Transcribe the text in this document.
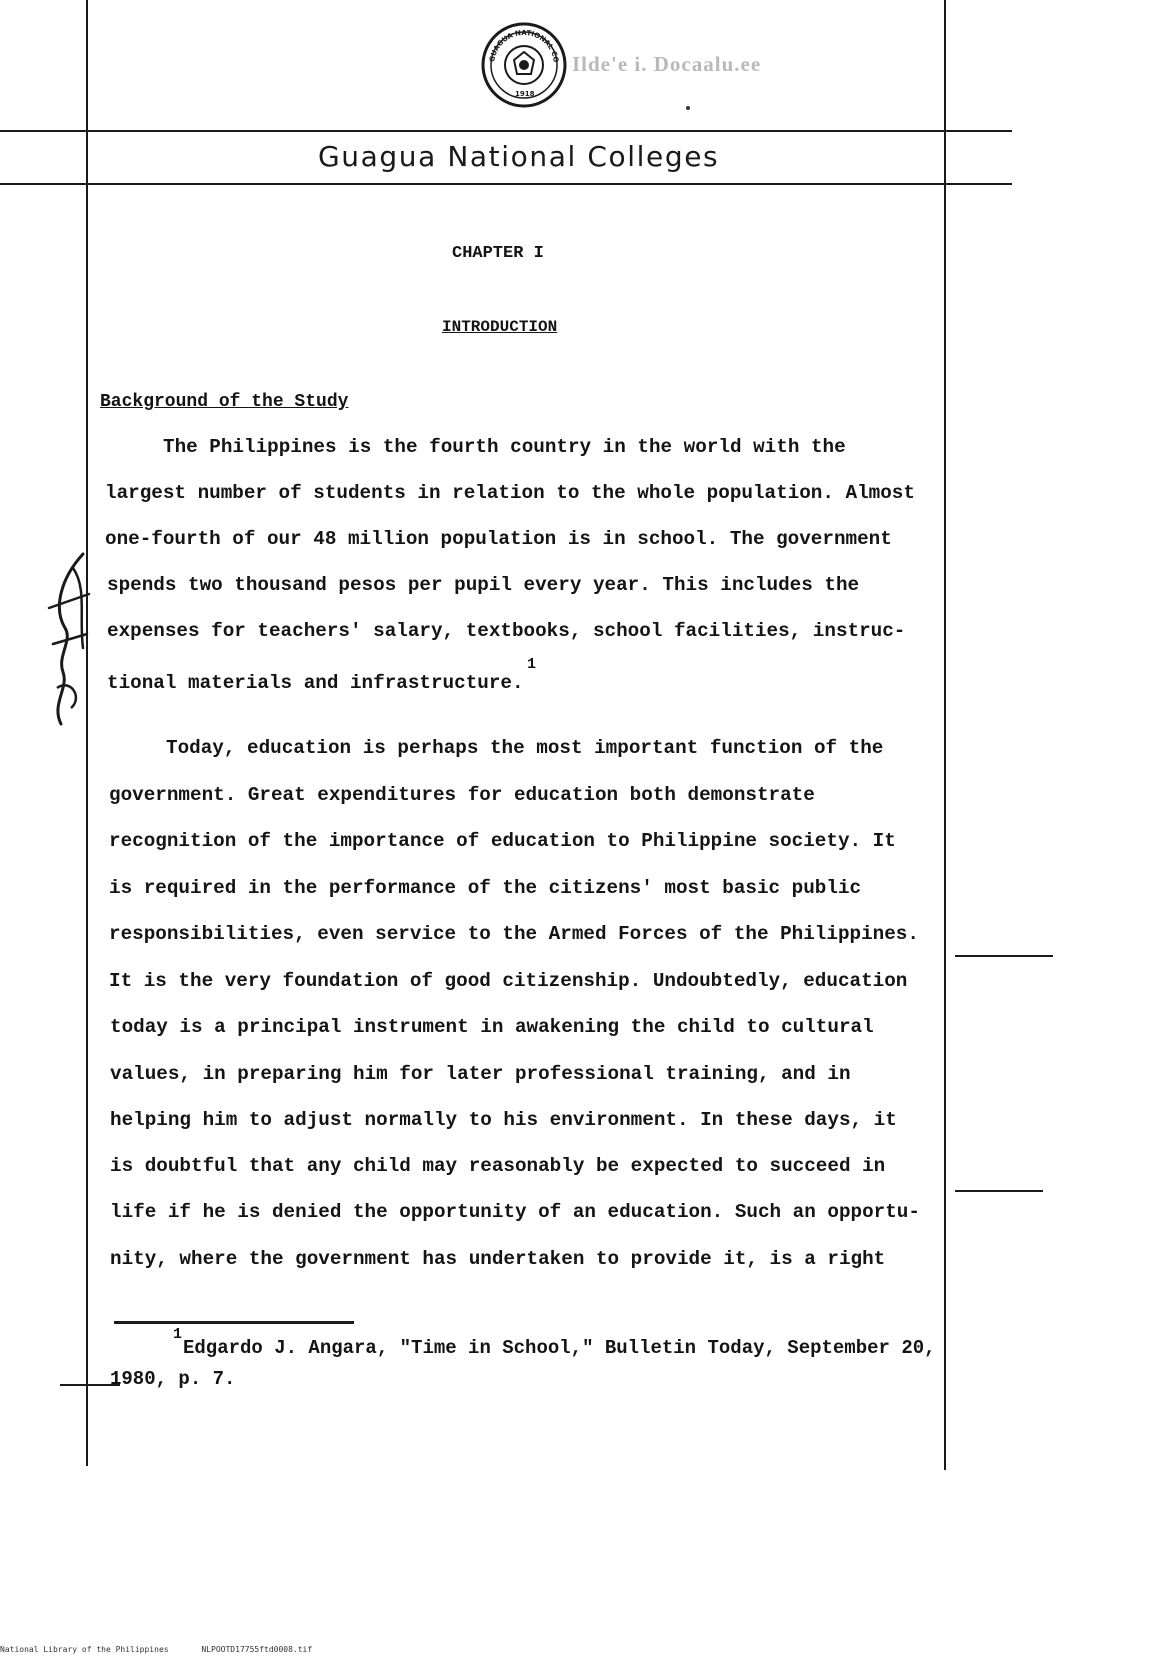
GUAGUA NATIONAL CO
1918
Ilde'e i. Docaalu.ee
Guagua National Colleges
CHAPTER I
INTRODUCTION
Background of the Study
The Philippines is the fourth country in the world with the
largest number of students in relation to the whole population. Almost
one-fourth of our 48 million population is in school. The government
spends two thousand pesos per pupil every year. This includes the
expenses for teachers' salary, textbooks, school facilities, instruc-
tional materials and infrastructure.
1
Today, education is perhaps the most important function of the
government. Great expenditures for education both demonstrate
recognition of the importance of education to Philippine society. It
is required in the performance of the citizens' most basic public
responsibilities, even service to the Armed Forces of the Philippines.
It is the very foundation of good citizenship. Undoubtedly, education
today is a principal instrument in awakening the child to cultural
values, in preparing him for later professional training, and in
helping him to adjust normally to his environment. In these days, it
is doubtful that any child may reasonably be expected to succeed in
life if he is denied the opportunity of an education. Such an opportu-
nity, where the government has undertaken to provide it, is a right
1
Edgardo J. Angara, "Time in School," Bulletin Today, September 20,
1980, p. 7.
National Library of the Philippines	NLPOOTD17755ftd0008.tif
